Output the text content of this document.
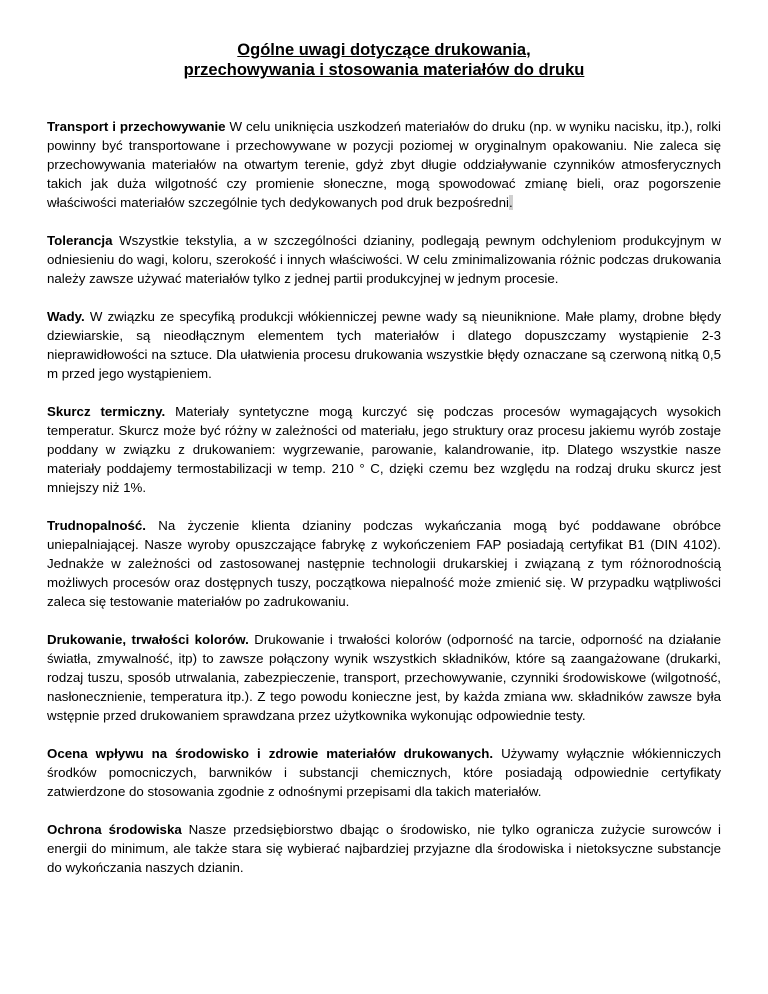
Ogólne uwagi dotyczące drukowania,
przechowywania i stosowania materiałów do druku

Transport i przechowywanie W celu uniknięcia uszkodzeń materiałów do druku (np. w wyniku nacisku, itp.), rolki powinny być transportowane i przechowywane w pozycji poziomej w oryginalnym opakowaniu. Nie zaleca się przechowywania materiałów na otwartym terenie, gdyż zbyt długie oddziaływanie czynników atmosferycznych takich jak duża wilgotność czy promienie słoneczne, mogą spowodować zmianę bieli, oraz pogorszenie właściwości materiałów szczególnie tych dedykowanych pod druk bezpośredni.

Tolerancja Wszystkie tekstylia, a w szczególności dzianiny, podlegają pewnym odchyleniom produkcyjnym w odniesieniu do wagi, koloru, szerokość i innych właściwości. W celu zminimalizowania różnic podczas drukowania należy zawsze używać materiałów tylko z jednej partii produkcyjnej w jednym procesie.

Wady. W związku ze specyfiką produkcji włókienniczej pewne wady są nieuniknione. Małe plamy, drobne błędy dziewiarskie, są nieodłącznym elementem tych materiałów i dlatego dopuszczamy wystąpienie 2-3 nieprawidłowości na sztuce. Dla ułatwienia procesu drukowania wszystkie błędy oznaczane są czerwoną nitką 0,5 m przed jego wystąpieniem.

Skurcz termiczny. Materiały syntetyczne mogą kurczyć się podczas procesów wymagających wysokich temperatur. Skurcz może być różny w zależności od materiału, jego struktury oraz procesu jakiemu wyrób zostaje poddany w związku z drukowaniem: wygrzewanie, parowanie, kalandrowanie, itp. Dlatego wszystkie nasze materiały poddajemy termostabilizacji w temp. 210 ° C, dzięki czemu bez względu na rodzaj druku skurcz jest mniejszy niż 1%.

Trudnopalność. Na życzenie klienta dzianiny podczas wykańczania mogą być poddawane obróbce uniepalniającej. Nasze wyroby opuszczające fabrykę z wykończeniem FAP posiadają certyfikat B1 (DIN 4102). Jednakże w zależności od zastosowanej następnie technologii drukarskiej i związaną z tym różnorodnością możliwych procesów oraz dostępnych tuszy, początkowa niepalność może zmienić się. W przypadku wątpliwości zaleca się testowanie materiałów po zadrukowaniu.

Drukowanie, trwałości kolorów. Drukowanie i trwałości kolorów (odporność na tarcie, odporność na działanie światła, zmywalność, itp) to zawsze połączony wynik wszystkich składników, które są zaangażowane (drukarki, rodzaj tuszu, sposób utrwalania, zabezpieczenie, transport, przechowywanie, czynniki środowiskowe (wilgotność, nasłonecznienie, temperatura itp.). Z tego powodu konieczne jest, by każda zmiana ww. składników zawsze była wstępnie przed drukowaniem sprawdzana przez użytkownika wykonując odpowiednie testy.

Ocena wpływu na środowisko i zdrowie materiałów drukowanych. Używamy wyłącznie włókienniczych środków pomocniczych, barwników i substancji chemicznych, które posiadają odpowiednie certyfikaty zatwierdzone do stosowania zgodnie z odnośnymi przepisami dla takich materiałów.

Ochrona środowiska Nasze przedsiębiorstwo dbając o środowisko, nie tylko ogranicza zużycie surowców i energii do minimum, ale także stara się wybierać najbardziej przyjazne dla środowiska i nietoksyczne substancje do wykończania naszych dzianin.
